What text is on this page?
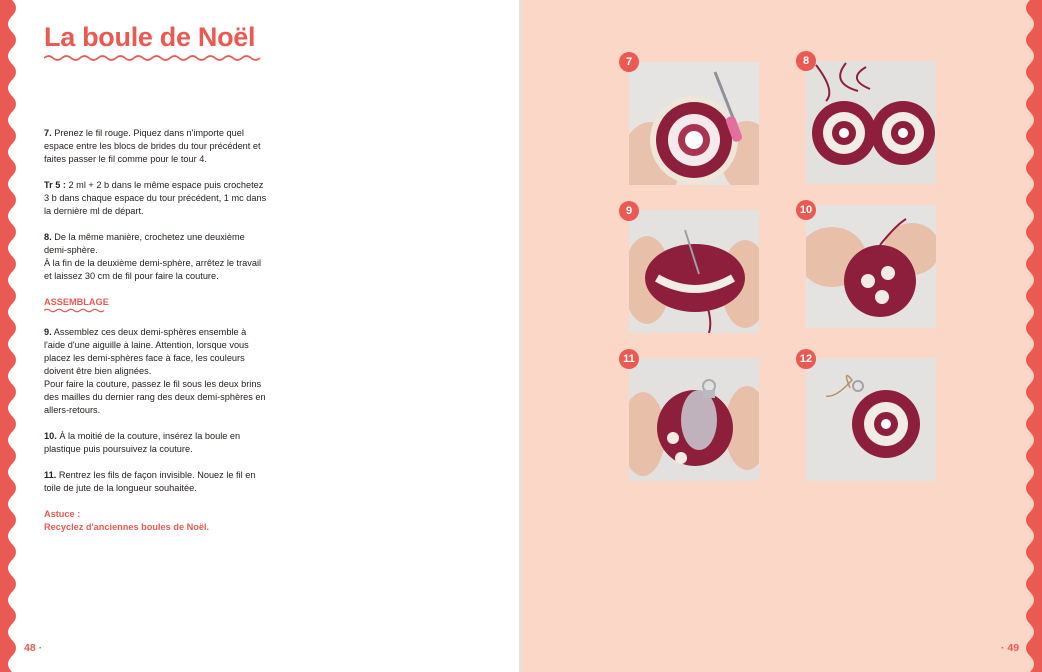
La boule de Noël

7. Prenez le fil rouge. Piquez dans n'importe quel espace entre les blocs de brides du tour précédent et faites passer le fil comme pour le tour 4.

Tr 5 : 2 ml + 2 b dans le même espace puis crochetez 3 b dans chaque espace du tour précédent, 1 mc dans la dernière ml de départ.

8. De la même manière, crochetez une deuxième demi-sphère.
À la fin de la deuxième demi-sphère, arrêtez le travail et laissez 30 cm de fil pour faire la couture.

ASSEMBLAGE

9. Assemblez ces deux demi-sphères ensemble à l'aide d'une aiguille à laine. Attention, lorsque vous placez les demi-sphères face à face, les couleurs doivent être bien alignées.
Pour faire la couture, passez le fil sous les deux brins des mailles du dernier rang des deux demi-sphères en allers-retours.

10. À la moitié de la couture, insérez la boule en plastique puis poursuivez la couture.

11. Rentrez les fils de façon invisible. Nouez le fil en toile de jute de la longueur souhaitée.

Astuce :

Recyclez d'anciennes boules de Noël.

48 ·
7	8
9	10
11	12
· 49
